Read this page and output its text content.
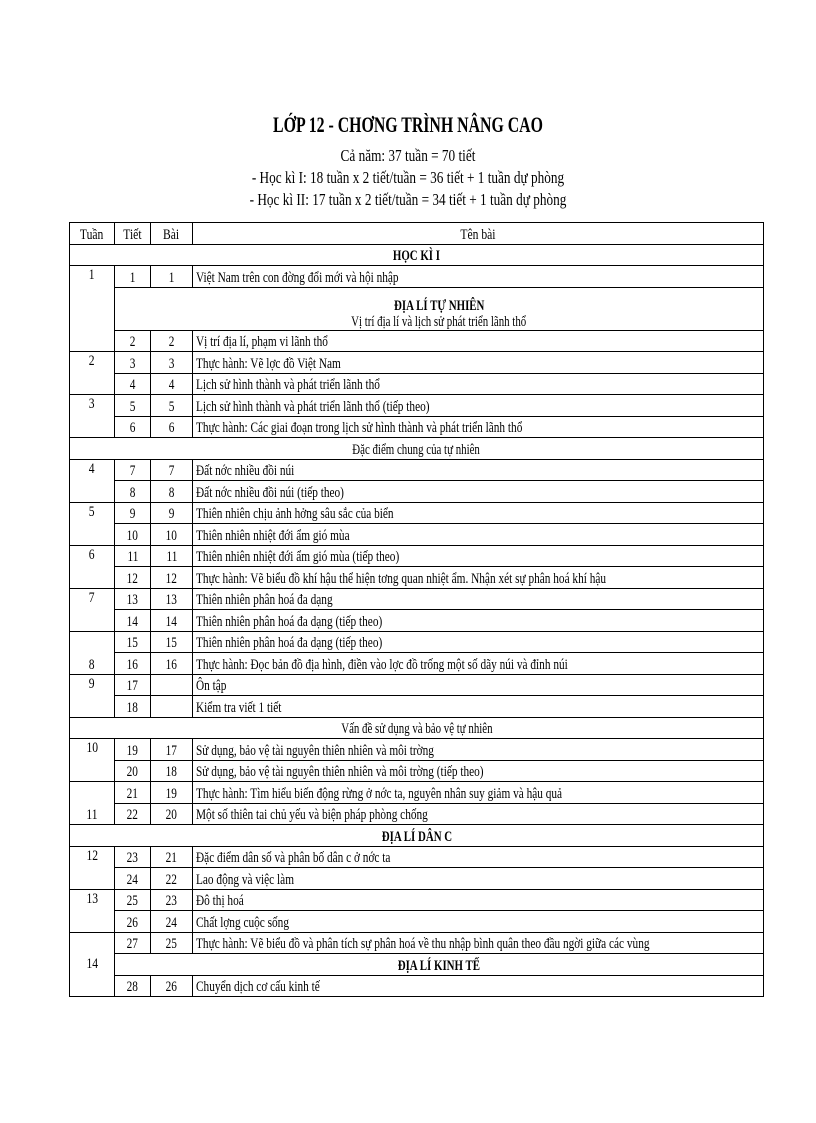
LỚP 12 - CHƠNG TRÌNH NÂNG CAO
Cả năm: 37 tuần = 70 tiết
- Học kì I: 18 tuần x 2 tiết/tuần = 36 tiết + 1 tuần dự phòng
- Học kì II: 17 tuần x 2 tiết/tuần = 34 tiết + 1 tuần dự phòng
Tuần	Tiết	Bài	Tên bài
HỌC KÌ I			
1	1	1	Việt Nam trên con đờng đổi mới và hội nhập
	ĐỊA LÍ TỰ NHIÊN
Vị trí địa lí và lịch sử phát triển lãnh thổ		
	2	2	Vị trí địa lí, phạm vi lãnh thổ
2	3	3	Thực hành: Vẽ lợc đồ Việt Nam
	4	4	Lịch sử hình thành và phát triển lãnh thổ
3	5	5	Lịch sử hình thành và phát triển lãnh thổ (tiếp theo)
	6	6	Thực hành: Các giai đoạn trong lịch sử hình thành và phát triển lãnh thổ
Đặc điểm chung của tự nhiên			
4	7	7	Đất nớc nhiều đồi núi
	8	8	Đất nớc nhiều đồi núi (tiếp theo)
5	9	9	Thiên nhiên chịu ảnh hởng sâu sắc của biển
	10	10	Thiên nhiên nhiệt đới ẩm gió mùa
6	11	11	Thiên nhiên nhiệt đới ẩm gió mùa (tiếp theo)
	12	12	Thực hành: Vẽ biểu đồ khí hậu thể hiện tơng quan nhiệt ẩm. Nhận xét sự phân hoá khí hậu
7	13	13	Thiên nhiên phân hoá đa dạng
	14	14	Thiên nhiên phân hoá đa dạng (tiếp theo)
8	15	15	Thiên nhiên phân hoá đa dạng (tiếp theo)
	16	16	Thực hành: Đọc bản đồ địa hình, điền vào lợc đồ trống một số dãy núi và đỉnh núi
9	17		Ôn tập
	18		Kiểm tra viết 1 tiết
Vấn đề sử dụng và bảo vệ tự nhiên			
10	19	17	Sử dụng, bảo vệ tài nguyên thiên nhiên và môi trờng
	20	18	Sử dụng, bảo vệ tài nguyên thiên nhiên và môi trờng (tiếp theo)
11	21	19	Thực hành: Tìm hiểu biến động rừng ở nớc ta, nguyên nhân suy giảm và hậu quả
	22	20	Một số thiên tai chủ yếu và biện pháp phòng chống
ĐỊA LÍ DÂN C			
12	23	21	Đặc điểm dân số và phân bố dân c ở nớc ta
	24	22	Lao động và việc làm
13	25	23	Đô thị hoá
	26	24	Chất lợng cuộc sống
14	27	25	Thực hành: Vẽ biểu đồ và phân tích sự phân hoá về thu nhập bình quân theo đầu ngời giữa các vùng
	ĐỊA LÍ KINH TẾ		
	28	26	Chuyển dịch cơ cấu kinh tế
